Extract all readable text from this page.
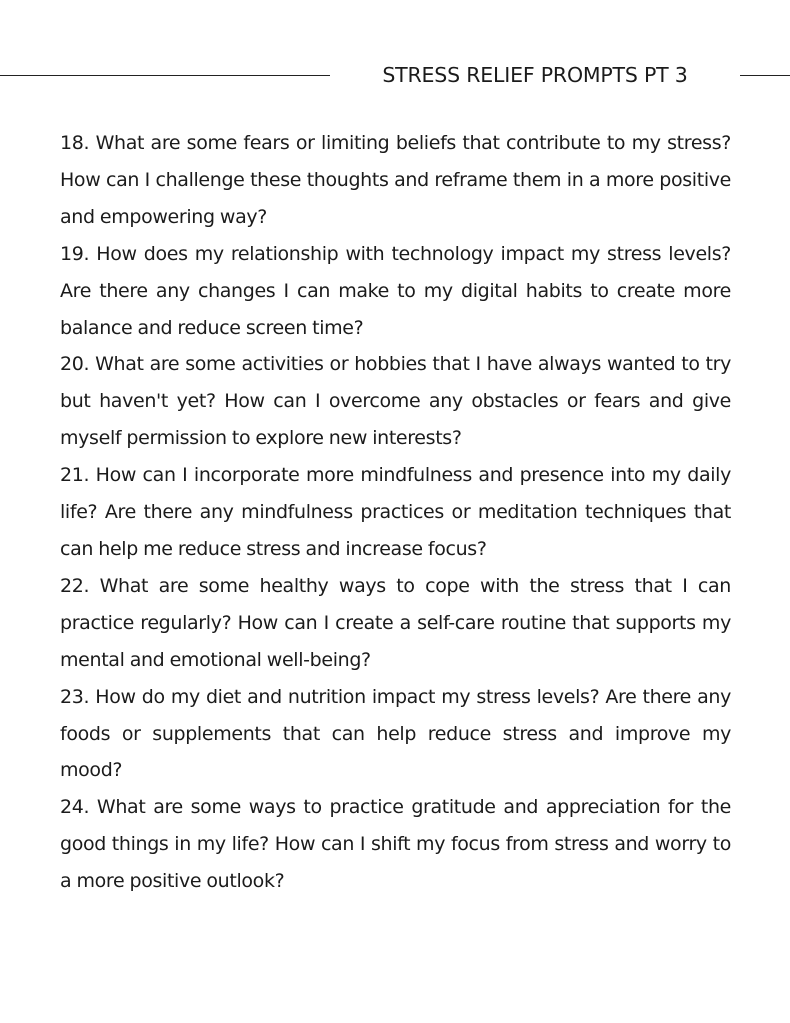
STRESS RELIEF PROMPTS PT 3
18. What are some fears or limiting beliefs that contribute to my stress? How can I challenge these thoughts and reframe them in a more positive and empowering way?
19. How does my relationship with technology impact my stress levels? Are there any changes I can make to my digital habits to create more balance and reduce screen time?
20. What are some activities or hobbies that I have always wanted to try but haven't yet? How can I overcome any obstacles or fears and give myself permission to explore new interests?
21. How can I incorporate more mindfulness and presence into my daily life? Are there any mindfulness practices or meditation techniques that can help me reduce stress and increase focus?
22. What are some healthy ways to cope with the stress that I can practice regularly? How can I create a self-care routine that supports my mental and emotional well-being?
23. How do my diet and nutrition impact my stress levels? Are there any foods or supplements that can help reduce stress and improve my mood?
24. What are some ways to practice gratitude and appreciation for the good things in my life? How can I shift my focus from stress and worry to a more positive outlook?
